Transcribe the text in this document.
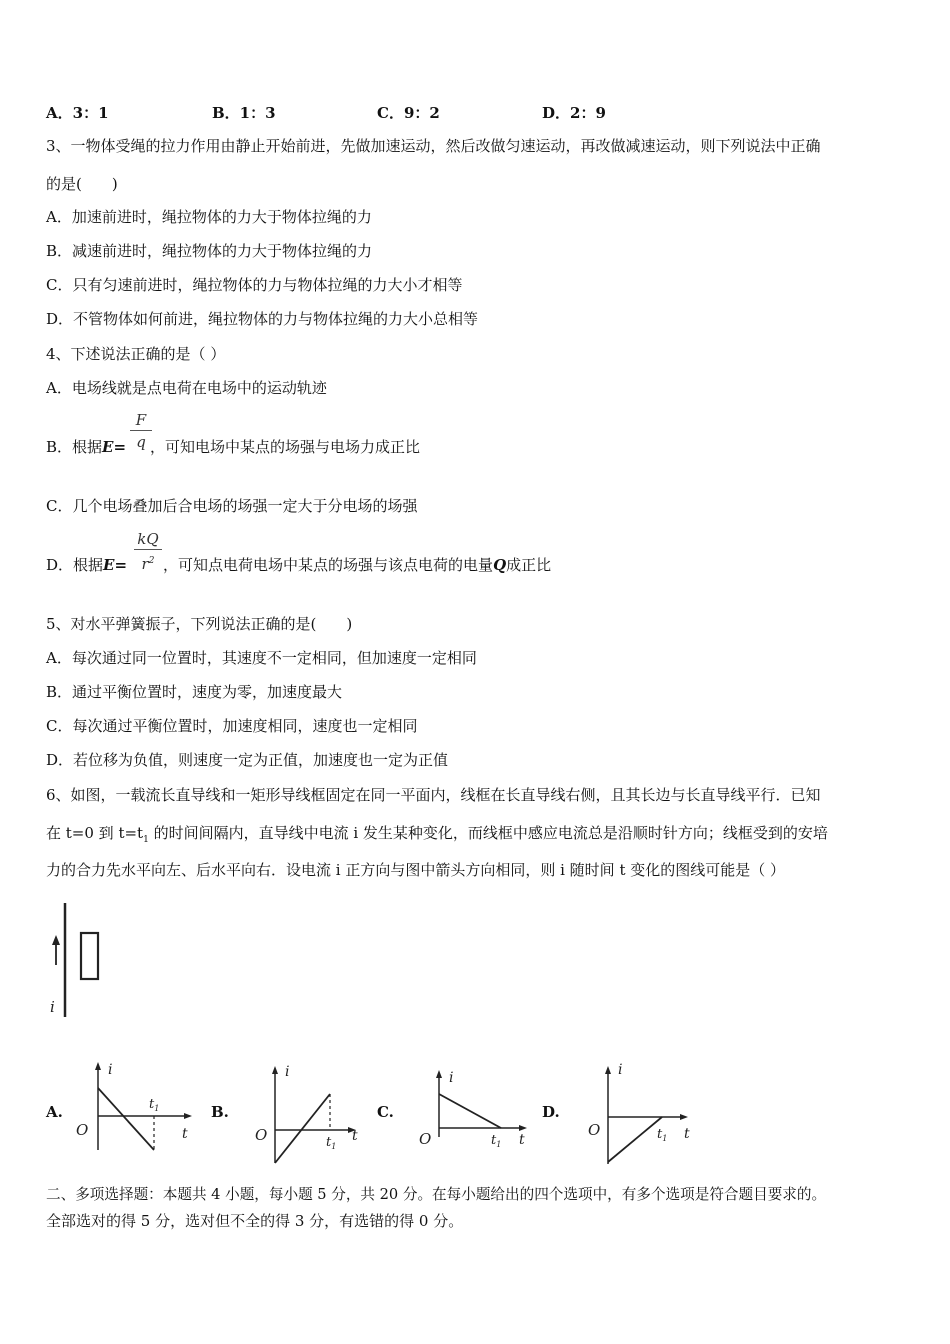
A．3：1	B．1：3	C．9：2	D．2：9
3、一物体受绳的拉力作用由静止开始前进，先做加速运动，然后改做匀速运动，再改做减速运动，则下列说法中正确
的是(　　)
A．加速前进时，绳拉物体的力大于物体拉绳的力
B．减速前进时，绳拉物体的力大于物体拉绳的力
C．只有匀速前进时，绳拉物体的力与物体拉绳的力大小才相等
D．不管物体如何前进，绳拉物体的力与物体拉绳的力大小总相等
4、下述说法正确的是（ ）
A．电场线就是点电荷在电场中的运动轨迹
B．根据E= ，可知电场中某点的场强与电场力成正比
$\frac{F}{q}$
C．几个电场叠加后合电场的场强一定大于分电场的场强
D．根据E= ，可知点电荷电场中某点的场强与该点电荷的电量Q成正比
$\frac{kQ}{r^2}$
5、对水平弹簧振子，下列说法正确的是(　　)
A．每次通过同一位置时，其速度不一定相同，但加速度一定相同
B．通过平衡位置时，速度为零，加速度最大
C．每次通过平衡位置时，加速度相同，速度也一定相同
D．若位移为负值，则速度一定为正值，加速度也一定为正值
6、如图，一载流长直导线和一矩形导线框固定在同一平面内，线框在长直导线右侧，且其长边与长直导线平行．已知
在 t=0 到 $t=t_1$ 的时间间隔内，直导线中电流 i 发生某种变化，而线框中感应电流总是沿顺时针方向；线框受到的安培
力的合力先水平向左、后水平向右．设电流 i 正方向与图中箭头方向相同，则 i 随时间 t 变化的图线可能是（ ）
i
A.	B.	C.	D.
i
O	t
$t_1$
i
O	t
$t_1$
i
O	t
$t_1$
i
O	t
$t_1$
二、多项选择题：本题共 4 小题，每小题 5 分，共 20 分。在每小题给出的四个选项中，有多个选项是符合题目要求的。
全部选对的得 5 分，选对但不全的得 3 分，有选错的得 0 分。
